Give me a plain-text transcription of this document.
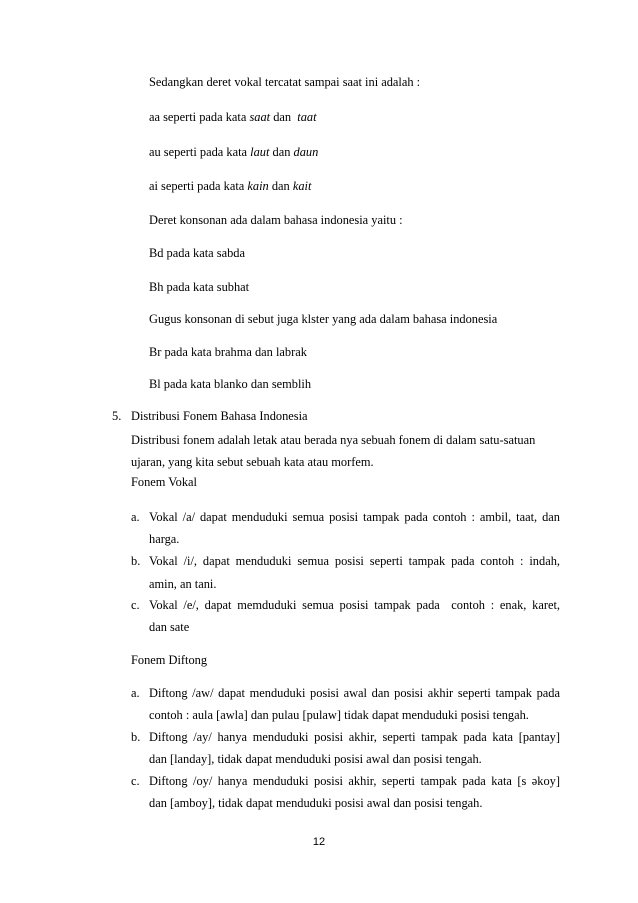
Sedangkan deret vokal tercatat sampai saat ini adalah :
aa seperti pada kata saat dan  taat
au seperti pada kata laut dan daun
ai seperti pada kata kain dan kait
Deret konsonan ada dalam bahasa indonesia yaitu :
Bd pada kata sabda
Bh pada kata subhat
Gugus konsonan di sebut juga klster yang ada dalam bahasa indonesia
Br pada kata brahma dan labrak
Bl pada kata blanko dan semblih
5. Distribusi Fonem Bahasa Indonesia
Distribusi fonem adalah letak atau berada nya sebuah fonem di dalam satu-satuan
ujaran, yang kita sebut sebuah kata atau morfem.
Fonem Vokal
a. Vokal /a/ dapat menduduki semua posisi tampak pada contoh : ambil, taat, dan
harga.
b. Vokal /i/, dapat menduduki semua posisi seperti tampak pada contoh : indah,
amin, an tani.
c. Vokal /e/, dapat memduduki semua posisi tampak pada  contoh : enak, karet,
dan sate
Fonem Diftong
a. Diftong /aw/ dapat menduduki posisi awal dan posisi akhir seperti tampak pada
contoh : aula [awla] dan pulau [pulaw] tidak dapat menduduki posisi tengah.
b. Diftong /ay/ hanya menduduki posisi akhir, seperti tampak pada kata [pantay]
dan [landay], tidak dapat menduduki posisi awal dan posisi tengah.
c. Diftong /oy/ hanya menduduki posisi akhir, seperti tampak pada kata [s əkoy]
dan [amboy], tidak dapat menduduki posisi awal dan posisi tengah.
12
